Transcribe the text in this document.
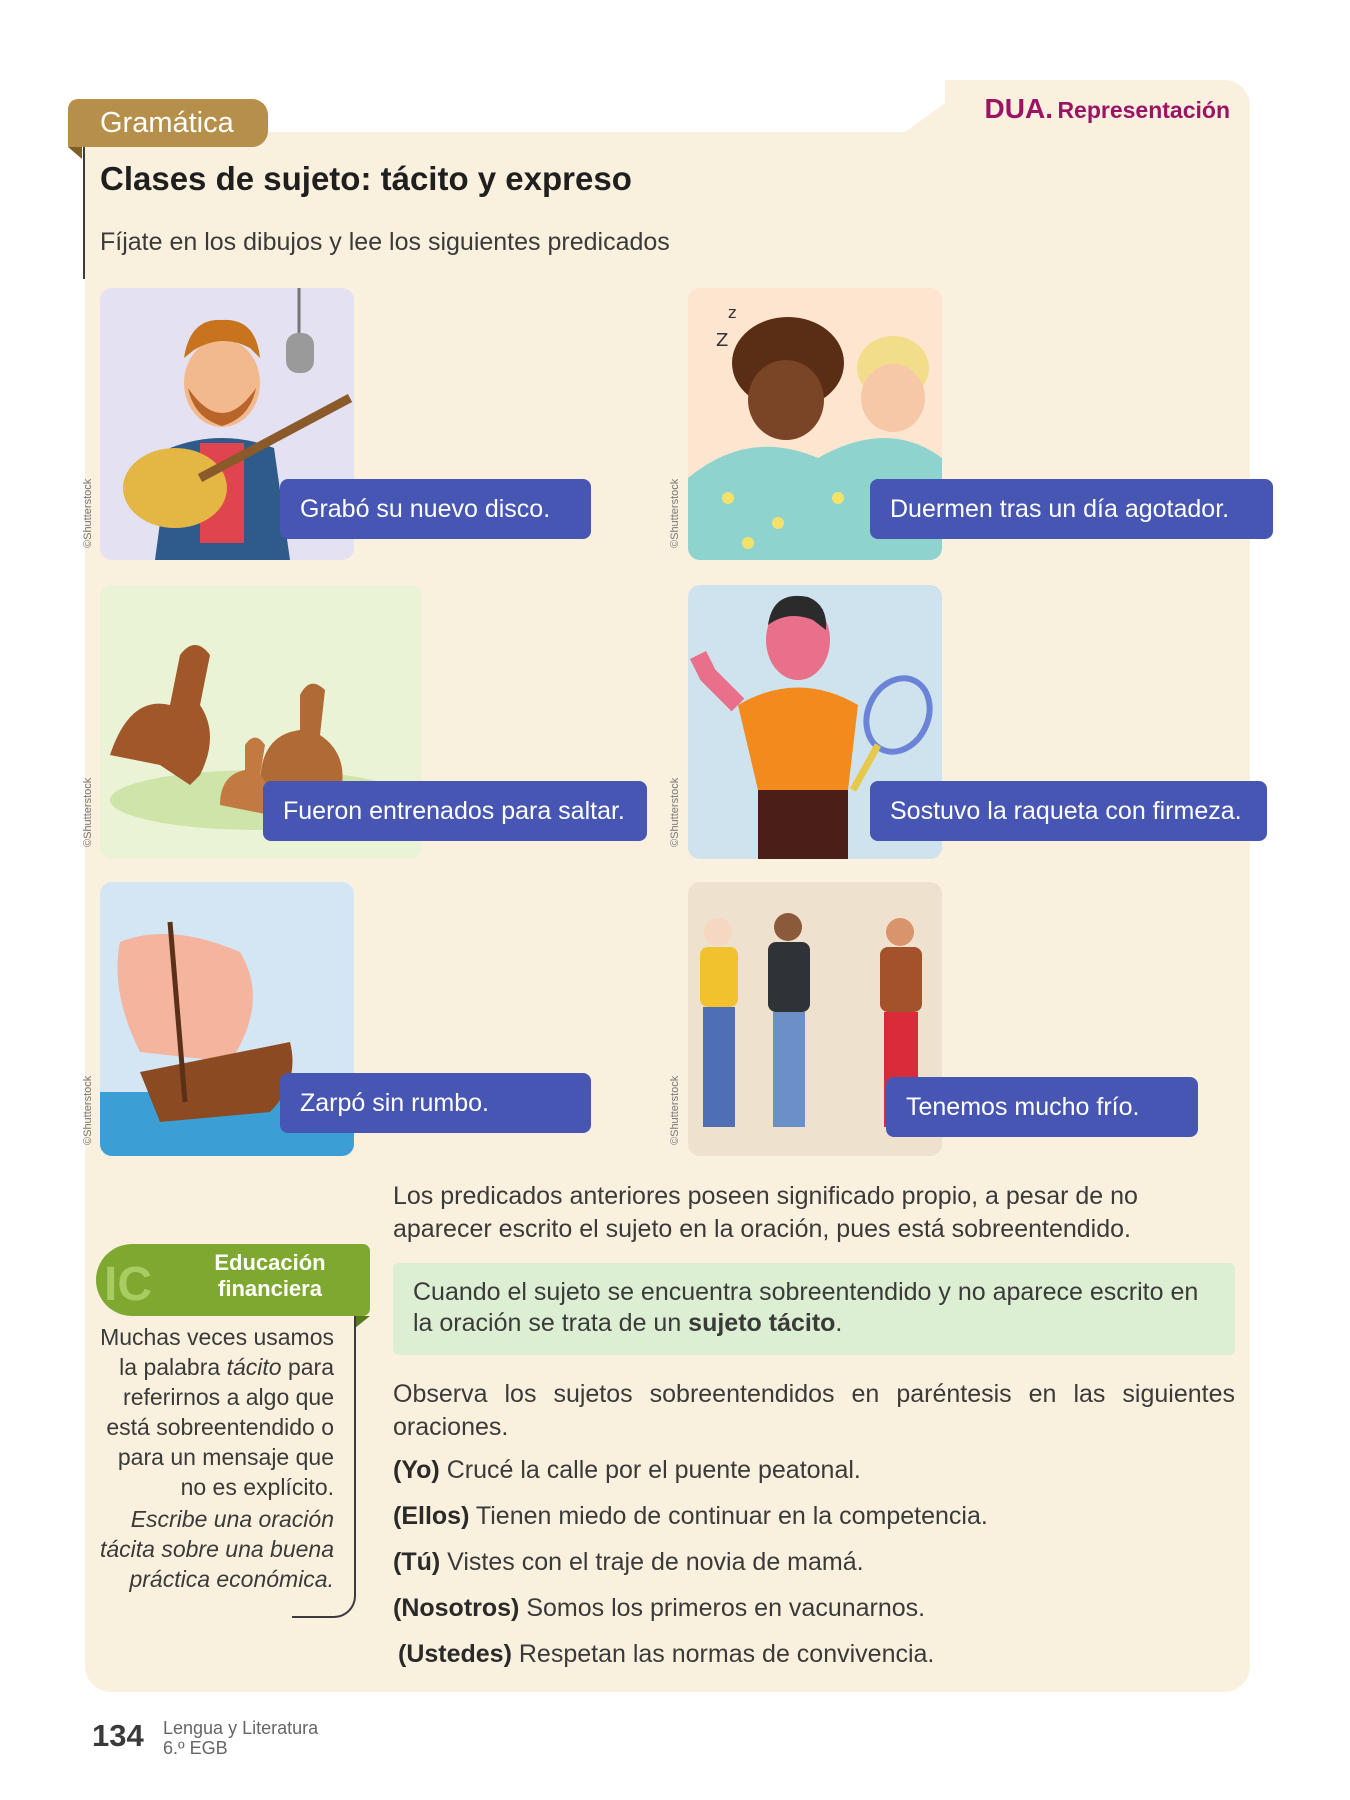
Gramática	DUA. Representación
Clases de sujeto: tácito y expreso
Fíjate en los dibujos y lee los siguientes predicados
©Shutterstock	Grabó su nuevo disco.
z
Z
©Shutterstock	Duermen tras un día agotador.
©Shutterstock	Fueron entrenados para saltar.	©Shutterstock	Sostuvo la raqueta con firmeza.
©Shutterstock	Zarpó sin rumbo.	©Shutterstock	Tenemos mucho frío.
Los predicados anteriores poseen significado propio, a pesar de no aparecer escrito el sujeto en la oración, pues está sobreentendido.
Cuando el sujeto se encuentra sobreentendido y no aparece escrito en la oración se trata de un sujeto tácito.
Observa los sujetos sobreentendidos en paréntesis en las siguientes oraciones.
(Yo) Crucé la calle por el puente peatonal.
(Ellos) Tienen miedo de continuar en la competencia.
(Tú) Vistes con el traje de novia de mamá.
(Nosotros) Somos los primeros en vacunarnos.
(Ustedes) Respetan las normas de convivencia.
IC	Educación financiera
Muchas veces usamos la palabra tácito para referirnos a algo que está sobreentendido o para un mensaje que no es explícito.
Escribe una oración tácita sobre una buena práctica económica.
134 Lengua y Literatura
6.º EGB
